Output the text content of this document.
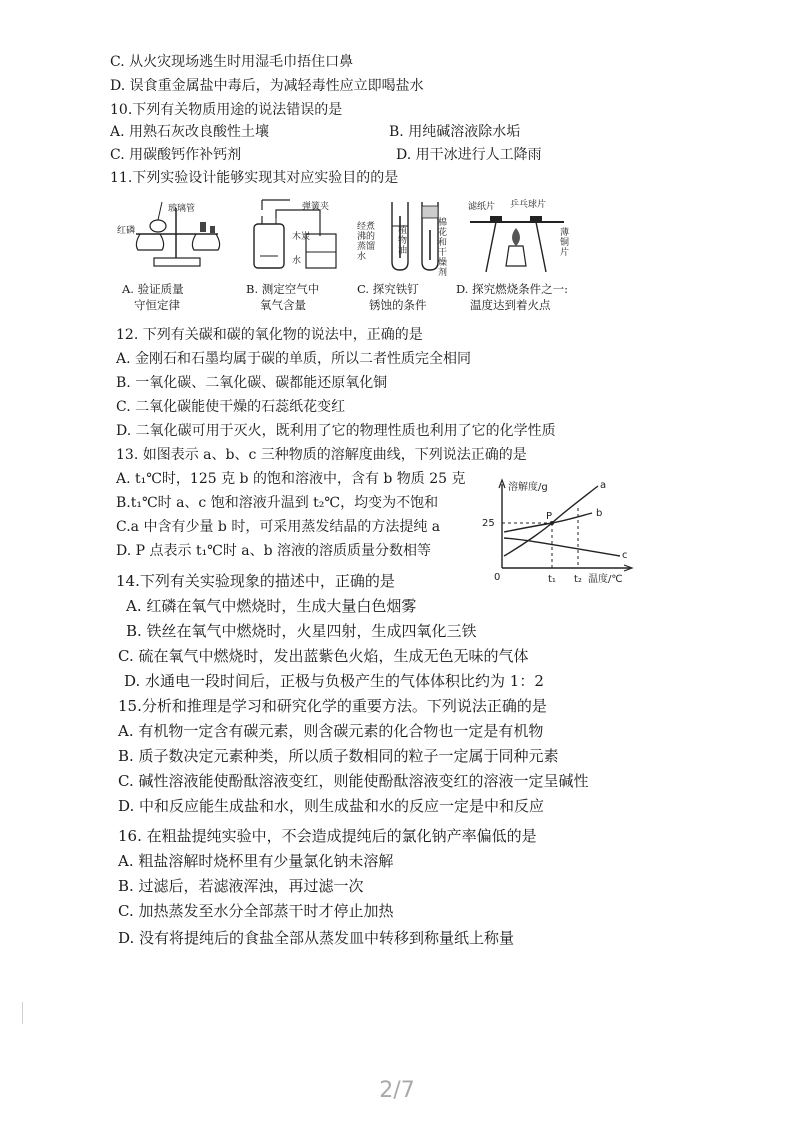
C. 从火灾现场逃生时用湿毛巾捂住口鼻
D. 误食重金属盐中毒后，为减轻毒性应立即喝盐水
10.下列有关物质用途的说法错误的是
A. 用熟石灰改良酸性土壤	B. 用纯碱溶液除水垢
C. 用碳酸钙作补钙剂	D. 用干冰进行人工降雨
11.下列实验设计能够实现其对应实验目的的是
玻璃管
红磷
A. 验证质量
守恒定律
弹簧夹
木炭
水
B. 测定空气中
氧气含量
经煮沸的蒸馏水
植物油
棉花和干燥剂
C. 探究铁钉
锈蚀的条件
滤纸片 乒乓球片
薄铜片
D. 探究燃烧条件之一:
温度达到着火点
12. 下列有关碳和碳的氧化物的说法中，正确的是
A. 金刚石和石墨均属于碳的单质，所以二者性质完全相同
B. 一氧化碳、二氧化碳、碳都能还原氧化铜
C. 二氧化碳能使干燥的石蕊纸花变红
D. 二氧化碳可用于灭火，既利用了它的物理性质也利用了它的化学性质
13. 如图表示 a、b、c 三种物质的溶解度曲线，下列说法正确的是
A. t₁℃时，125 克 b 的饱和溶液中，含有 b 物质 25 克
B.t₁℃时 a、c 饱和溶液升温到 t₂℃，均变为不饱和
C.a 中含有少量 b 时，可采用蒸发结晶的方法提纯 a
D. P 点表示 t₁℃时 a、b 溶液的溶质质量分数相等
溶解度/g
25
0	t₁ t₂ 温度/℃
P
a
b
c
14.下列有关实验现象的描述中，正确的是
A. 红磷在氧气中燃烧时，生成大量白色烟雾
B. 铁丝在氧气中燃烧时，火星四射，生成四氧化三铁
C. 硫在氧气中燃烧时，发出蓝紫色火焰，生成无色无味的气体
D. 水通电一段时间后，正极与负极产生的气体体积比约为 1：2
15.分析和推理是学习和研究化学的重要方法。下列说法正确的是
A. 有机物一定含有碳元素，则含碳元素的化合物也一定是有机物
B. 质子数决定元素种类，所以质子数相同的粒子一定属于同种元素
C. 碱性溶液能使酚酞溶液变红，则能使酚酞溶液变红的溶液一定呈碱性
D. 中和反应能生成盐和水，则生成盐和水的反应一定是中和反应
16. 在粗盐提纯实验中，不会造成提纯后的氯化钠产率偏低的是
A. 粗盐溶解时烧杯里有少量氯化钠未溶解
B. 过滤后，若滤液浑浊，再过滤一次
C. 加热蒸发至水分全部蒸干时才停止加热
D. 没有将提纯后的食盐全部从蒸发皿中转移到称量纸上称量
2/7
